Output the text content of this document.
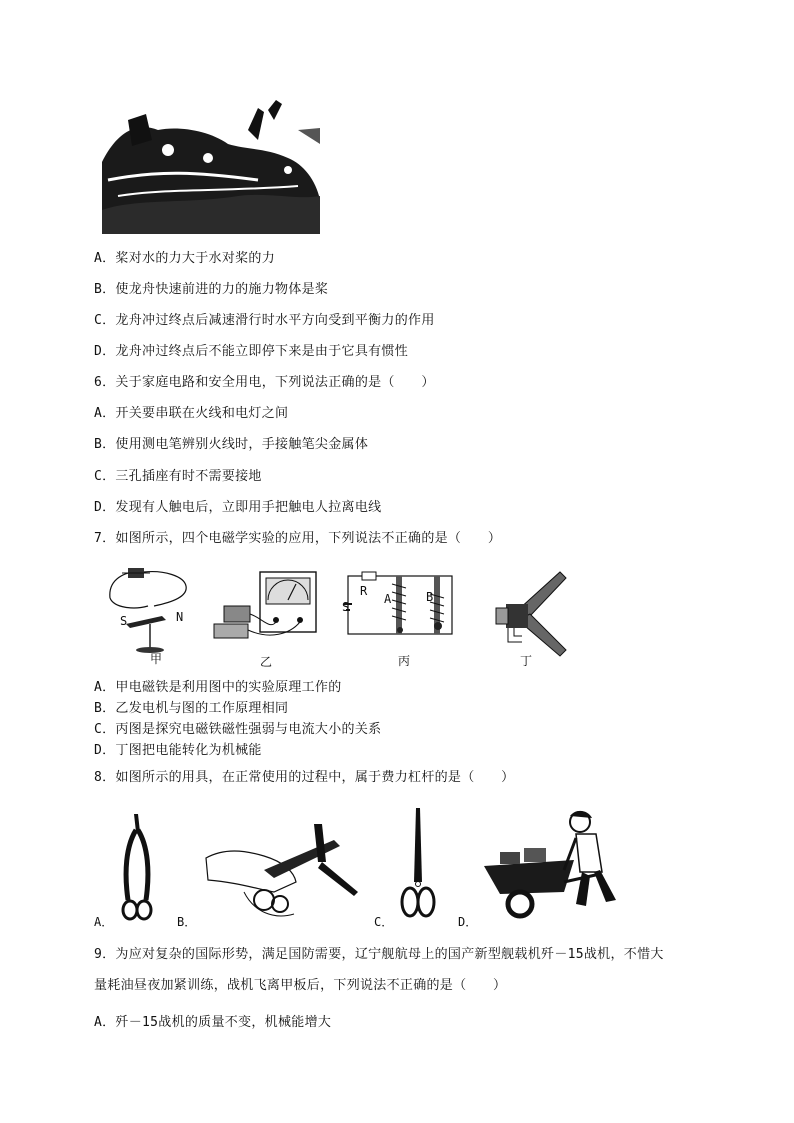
A．桨对水的力大于水对桨的力
B．使龙舟快速前进的力的施力物体是桨
C．龙舟冲过终点后减速滑行时水平方向受到平衡力的作用
D．龙舟冲过终点后不能立即停下来是由于它具有惯性
6．关于家庭电路和安全用电，下列说法正确的是（　　）
A．开关要串联在火线和电灯之间
B．使用测电笔辨别火线时，手接触笔尖金属体
C．三孔插座有时不需要接地
D．发现有人触电后，立即用手把触电人拉离电线
7．如图所示，四个电磁学实验的应用，下列说法不正确的是（　　）
S	N
甲	乙
S
R
A	B
丙	丁
A．甲电磁铁是利用图中的实验原理工作的
B．乙发电机与图的工作原理相同
C．丙图是探究电磁铁磁性强弱与电流大小的关系
D．丁图把电能转化为机械能
8．如图所示的用具，在正常使用的过程中，属于费力杠杆的是（　　）
A．	B．	C．	D．
9．为应对复杂的国际形势，满足国防需要，辽宁舰航母上的国产新型舰载机歼－15战机，不惜大
量耗油昼夜加紧训练，战机飞离甲板后，下列说法不正确的是（　　）
A．歼－15战机的质量不变，机械能增大
